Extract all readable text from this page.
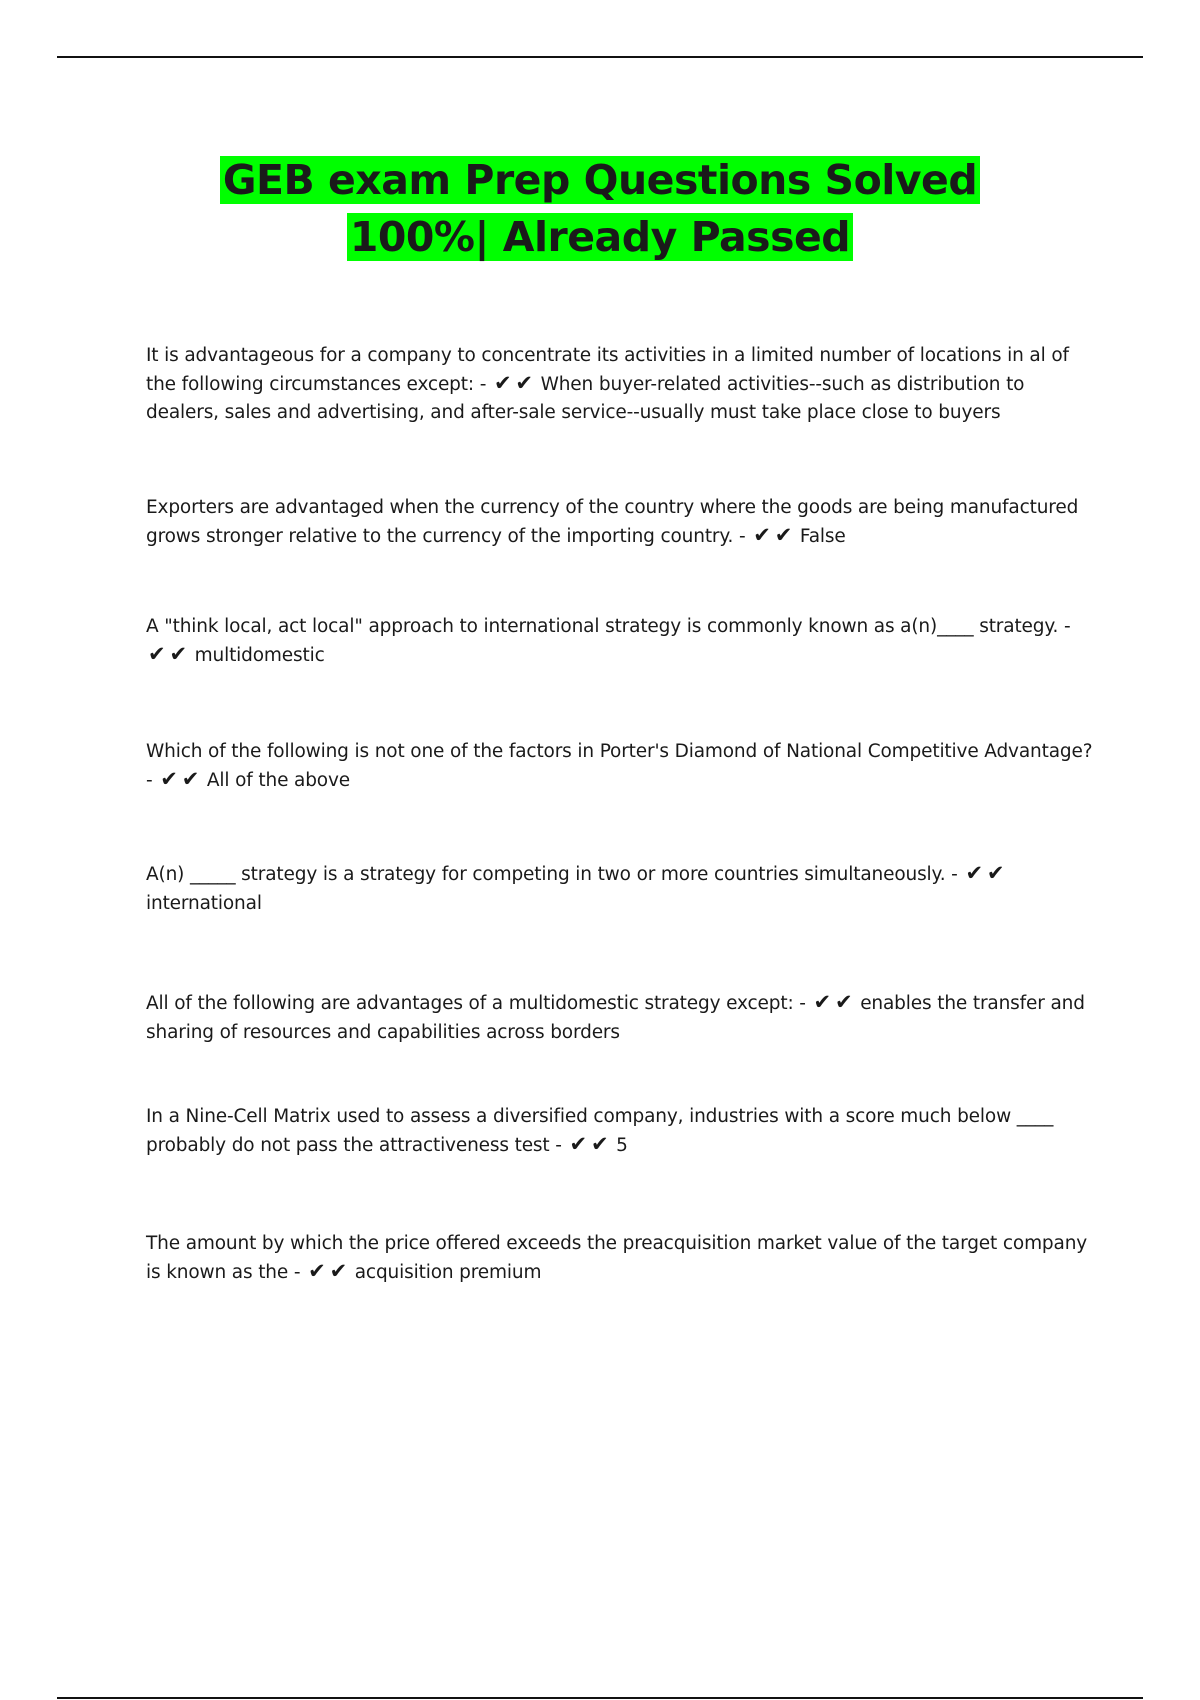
GEB exam Prep Questions Solved
100%| Already Passed
It is advantageous for a company to concentrate its activities in a limited number of locations in al of the following circumstances except: - ✔ ✔ When buyer-related activities--such as distribution to dealers, sales and advertising, and after-sale service--usually must take place close to buyers
Exporters are advantaged when the currency of the country where the goods are being manufactured grows stronger relative to the currency of the importing country. - ✔ ✔ False
A "think local, act local" approach to international strategy is commonly known as a(n)____ strategy. - ✔ ✔ multidomestic
Which of the following is not one of the factors in Porter's Diamond of National Competitive Advantage? - ✔ ✔ All of the above
A(n) _____ strategy is a strategy for competing in two or more countries simultaneously. - ✔ ✔ international
All of the following are advantages of a multidomestic strategy except: - ✔ ✔ enables the transfer and sharing of resources and capabilities across borders
In a Nine-Cell Matrix used to assess a diversified company, industries with a score much below ____ probably do not pass the attractiveness test - ✔ ✔ 5
The amount by which the price offered exceeds the preacquisition market value of the target company is known as the - ✔ ✔ acquisition premium
